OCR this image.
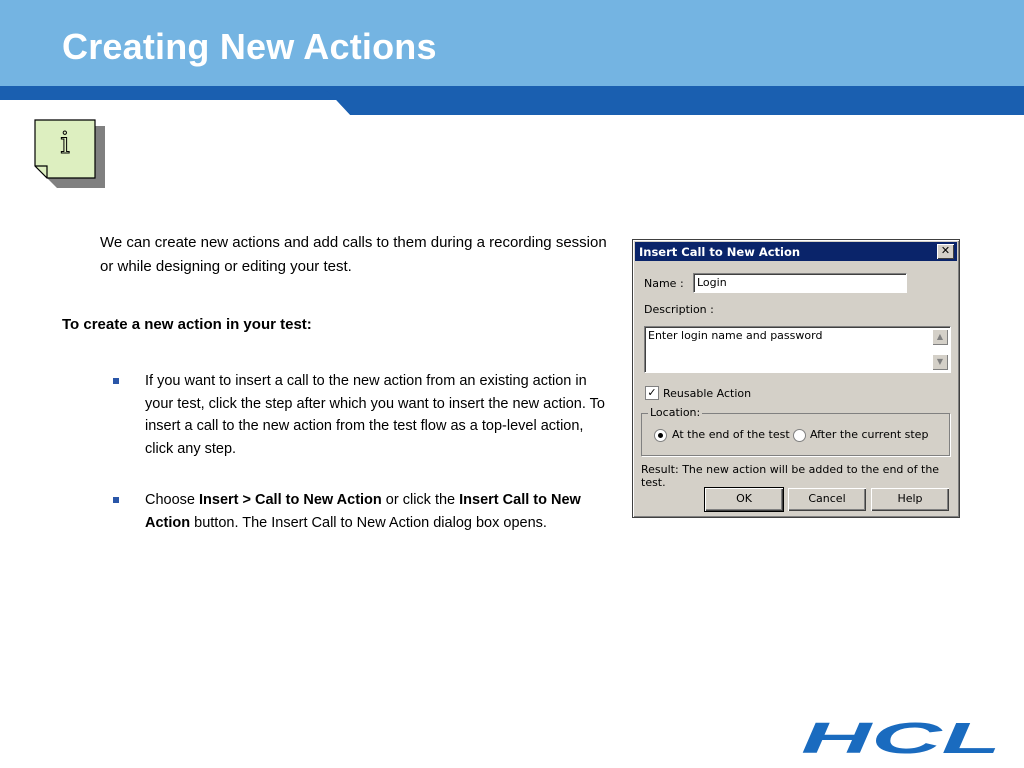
Creating New Actions
i
We can create new actions and add calls to them during a recording session or while designing or editing your test.
To create a new action in your test:
If you want to insert a call to the new action from an existing action in your test, click the step after which you want to insert the new action. To insert a call to the new action from the test flow as a top-level action, click any step.
Choose Insert > Call to New Action or click the Insert Call to New Action button. The Insert Call to New Action dialog box opens.
Insert Call to New Action	✕
Name : Login
Description :
Enter login name and password	▲
▼
✓ Reusable Action
Location:
At the end of the test After the current step
Result: The new action will be added to the end of the test.
OK	Cancel	Help
HCL
